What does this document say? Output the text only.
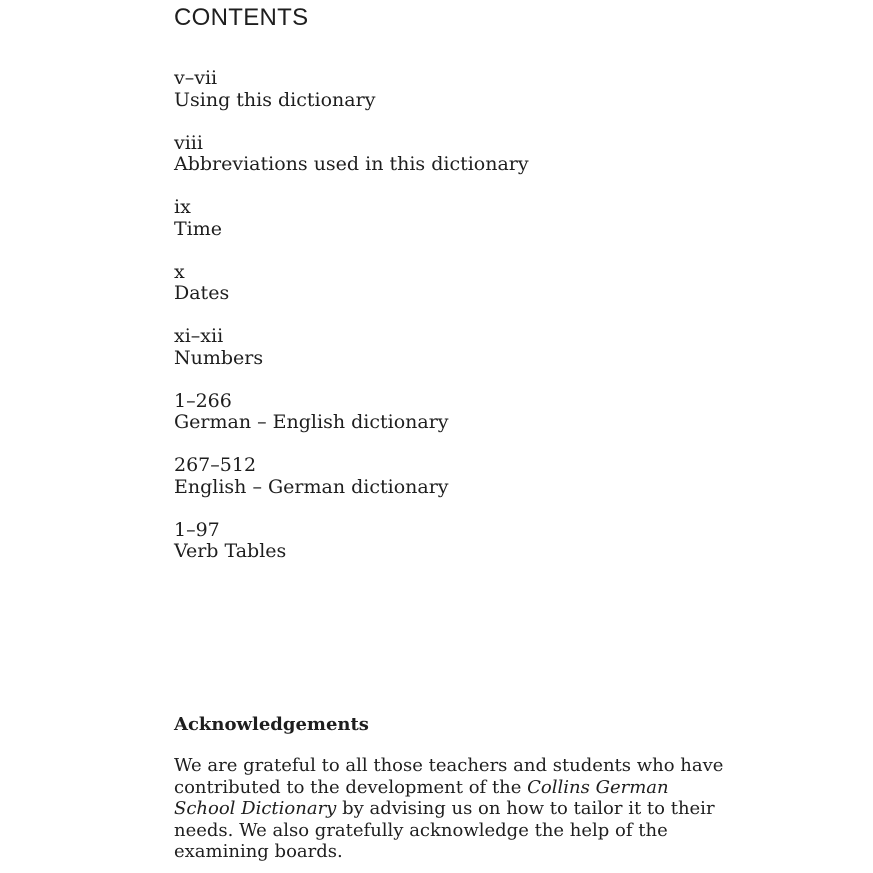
CONTENTS
v–vii
Using this dictionary
viii
Abbreviations used in this dictionary
ix
Time
x
Dates
xi–xii
Numbers
1–266
German – English dictionary
267–512
English – German dictionary
1–97
Verb Tables
Acknowledgements

We are grateful to all those teachers and students who have contributed to the development of the Collins German School Dictionary by advising us on how to tailor it to their needs. We also gratefully acknowledge the help of the examining boards.
